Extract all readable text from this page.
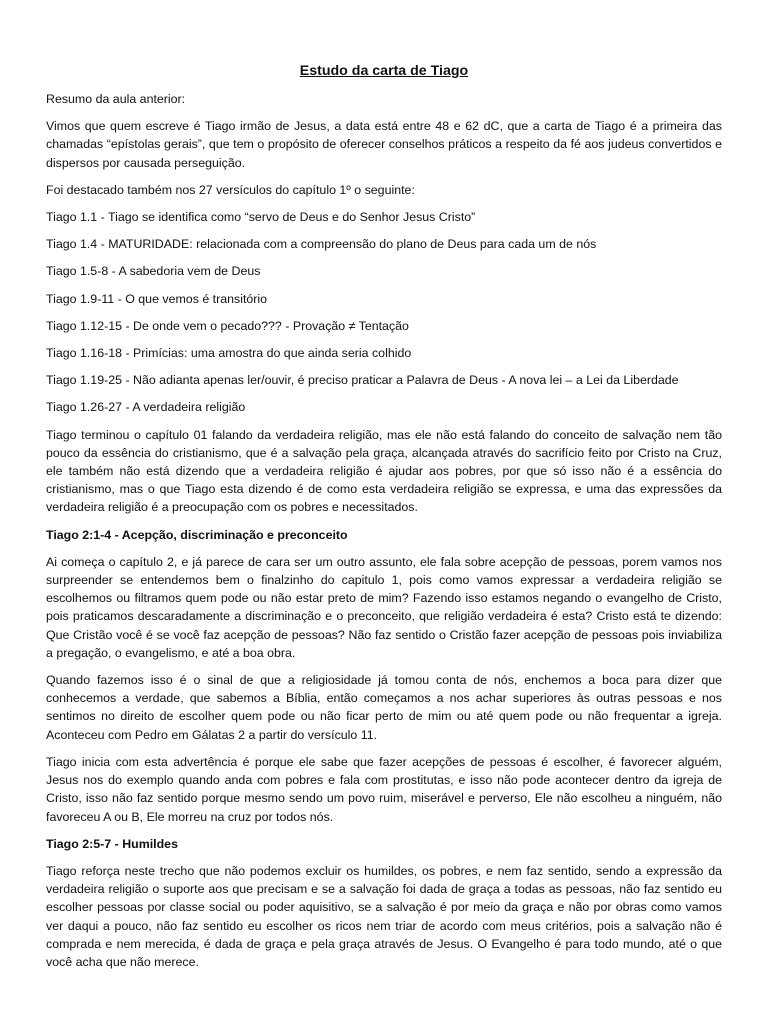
Estudo da carta de Tiago

Resumo da aula anterior:

Vimos que quem escreve é Tiago irmão de Jesus, a data está entre 48 e 62 dC, que a carta de Tiago é a primeira das chamadas “epístolas gerais”, que tem o propósito de oferecer conselhos práticos a respeito da fé aos judeus convertidos e dispersos por causada perseguição.

Foi destacado também nos 27 versículos do capítulo 1º o seguinte:

Tiago 1.1 - Tiago se identifica como “servo de Deus e do Senhor Jesus Cristo”

Tiago 1.4 - MATURIDADE: relacionada com a compreensão do plano de Deus para cada um de nós

Tiago 1.5-8 - A sabedoria vem de Deus

Tiago 1.9-11 - O que vemos é transitório

Tiago 1.12-15 - De onde vem o pecado??? - Provação ≠ Tentação

Tiago 1.16-18 - Primícias: uma amostra do que ainda seria colhido

Tiago 1.19-25 - Não adianta apenas ler/ouvir, é preciso praticar a Palavra de Deus - A nova lei – a Lei da Liberdade

Tiago 1.26-27 - A verdadeira religião

Tiago terminou o capítulo 01 falando da verdadeira religião, mas ele não está falando do conceito de salvação nem tão pouco da essência do cristianismo, que é a salvação pela graça, alcançada através do sacrifício feito por Cristo na Cruz, ele também não está dizendo que a verdadeira religião é ajudar aos pobres, por que só isso não é a essência do cristianismo, mas o que Tiago esta dizendo é de como esta verdadeira religião se expressa, e uma das expressões da verdadeira religião é a preocupação com os pobres e necessitados.

Tiago 2:1-4 - Acepção, discriminação e preconceito

Ai começa o capítulo 2, e já parece de cara ser um outro assunto, ele fala sobre acepção de pessoas, porem vamos nos surpreender se entendemos bem o finalzinho do capitulo 1, pois como vamos expressar a verdadeira religião se escolhemos ou filtramos quem pode ou não estar preto de mim? Fazendo isso estamos negando o evangelho de Cristo, pois praticamos descaradamente a discriminação e o preconceito, que religião verdadeira é esta? Cristo está te dizendo: Que Cristão você é se você faz acepção de pessoas? Não faz sentido o Cristão fazer acepção de pessoas pois inviabiliza a pregação, o evangelismo, e até a boa obra.

Quando fazemos isso é o sinal de que a religiosidade já tomou conta de nós, enchemos a boca para dizer que conhecemos a verdade, que sabemos a Bíblia, então começamos a nos achar superiores às outras pessoas e nos sentimos no direito de escolher quem pode ou não ficar perto de mim ou até quem pode ou não frequentar a igreja. Aconteceu com Pedro em Gálatas 2 a partir do versículo 11.

Tiago inicia com esta advertência é porque ele sabe que fazer acepções de pessoas é escolher, é favorecer alguém, Jesus nos do exemplo quando anda com pobres e fala com prostitutas, e isso não pode acontecer dentro da igreja de Cristo, isso não faz sentido porque mesmo sendo um povo ruim, miserável e perverso, Ele não escolheu a ninguém, não favoreceu A ou B, Ele morreu na cruz por todos nós.

Tiago 2:5-7 - Humildes

Tiago reforça neste trecho que não podemos excluir os humildes, os pobres, e nem faz sentido, sendo a expressão da verdadeira religião o suporte aos que precisam e se a salvação foi dada de graça a todas as pessoas, não faz sentido eu escolher pessoas por classe social ou poder aquisitivo, se a salvação é por meio da graça e não por obras como vamos ver daqui a pouco, não faz sentido eu escolher os ricos nem triar de acordo com meus critérios, pois a salvação não é comprada e nem merecida, é dada de graça e pela graça através de Jesus. O Evangelho é para todo mundo, até o que você acha que não merece.
